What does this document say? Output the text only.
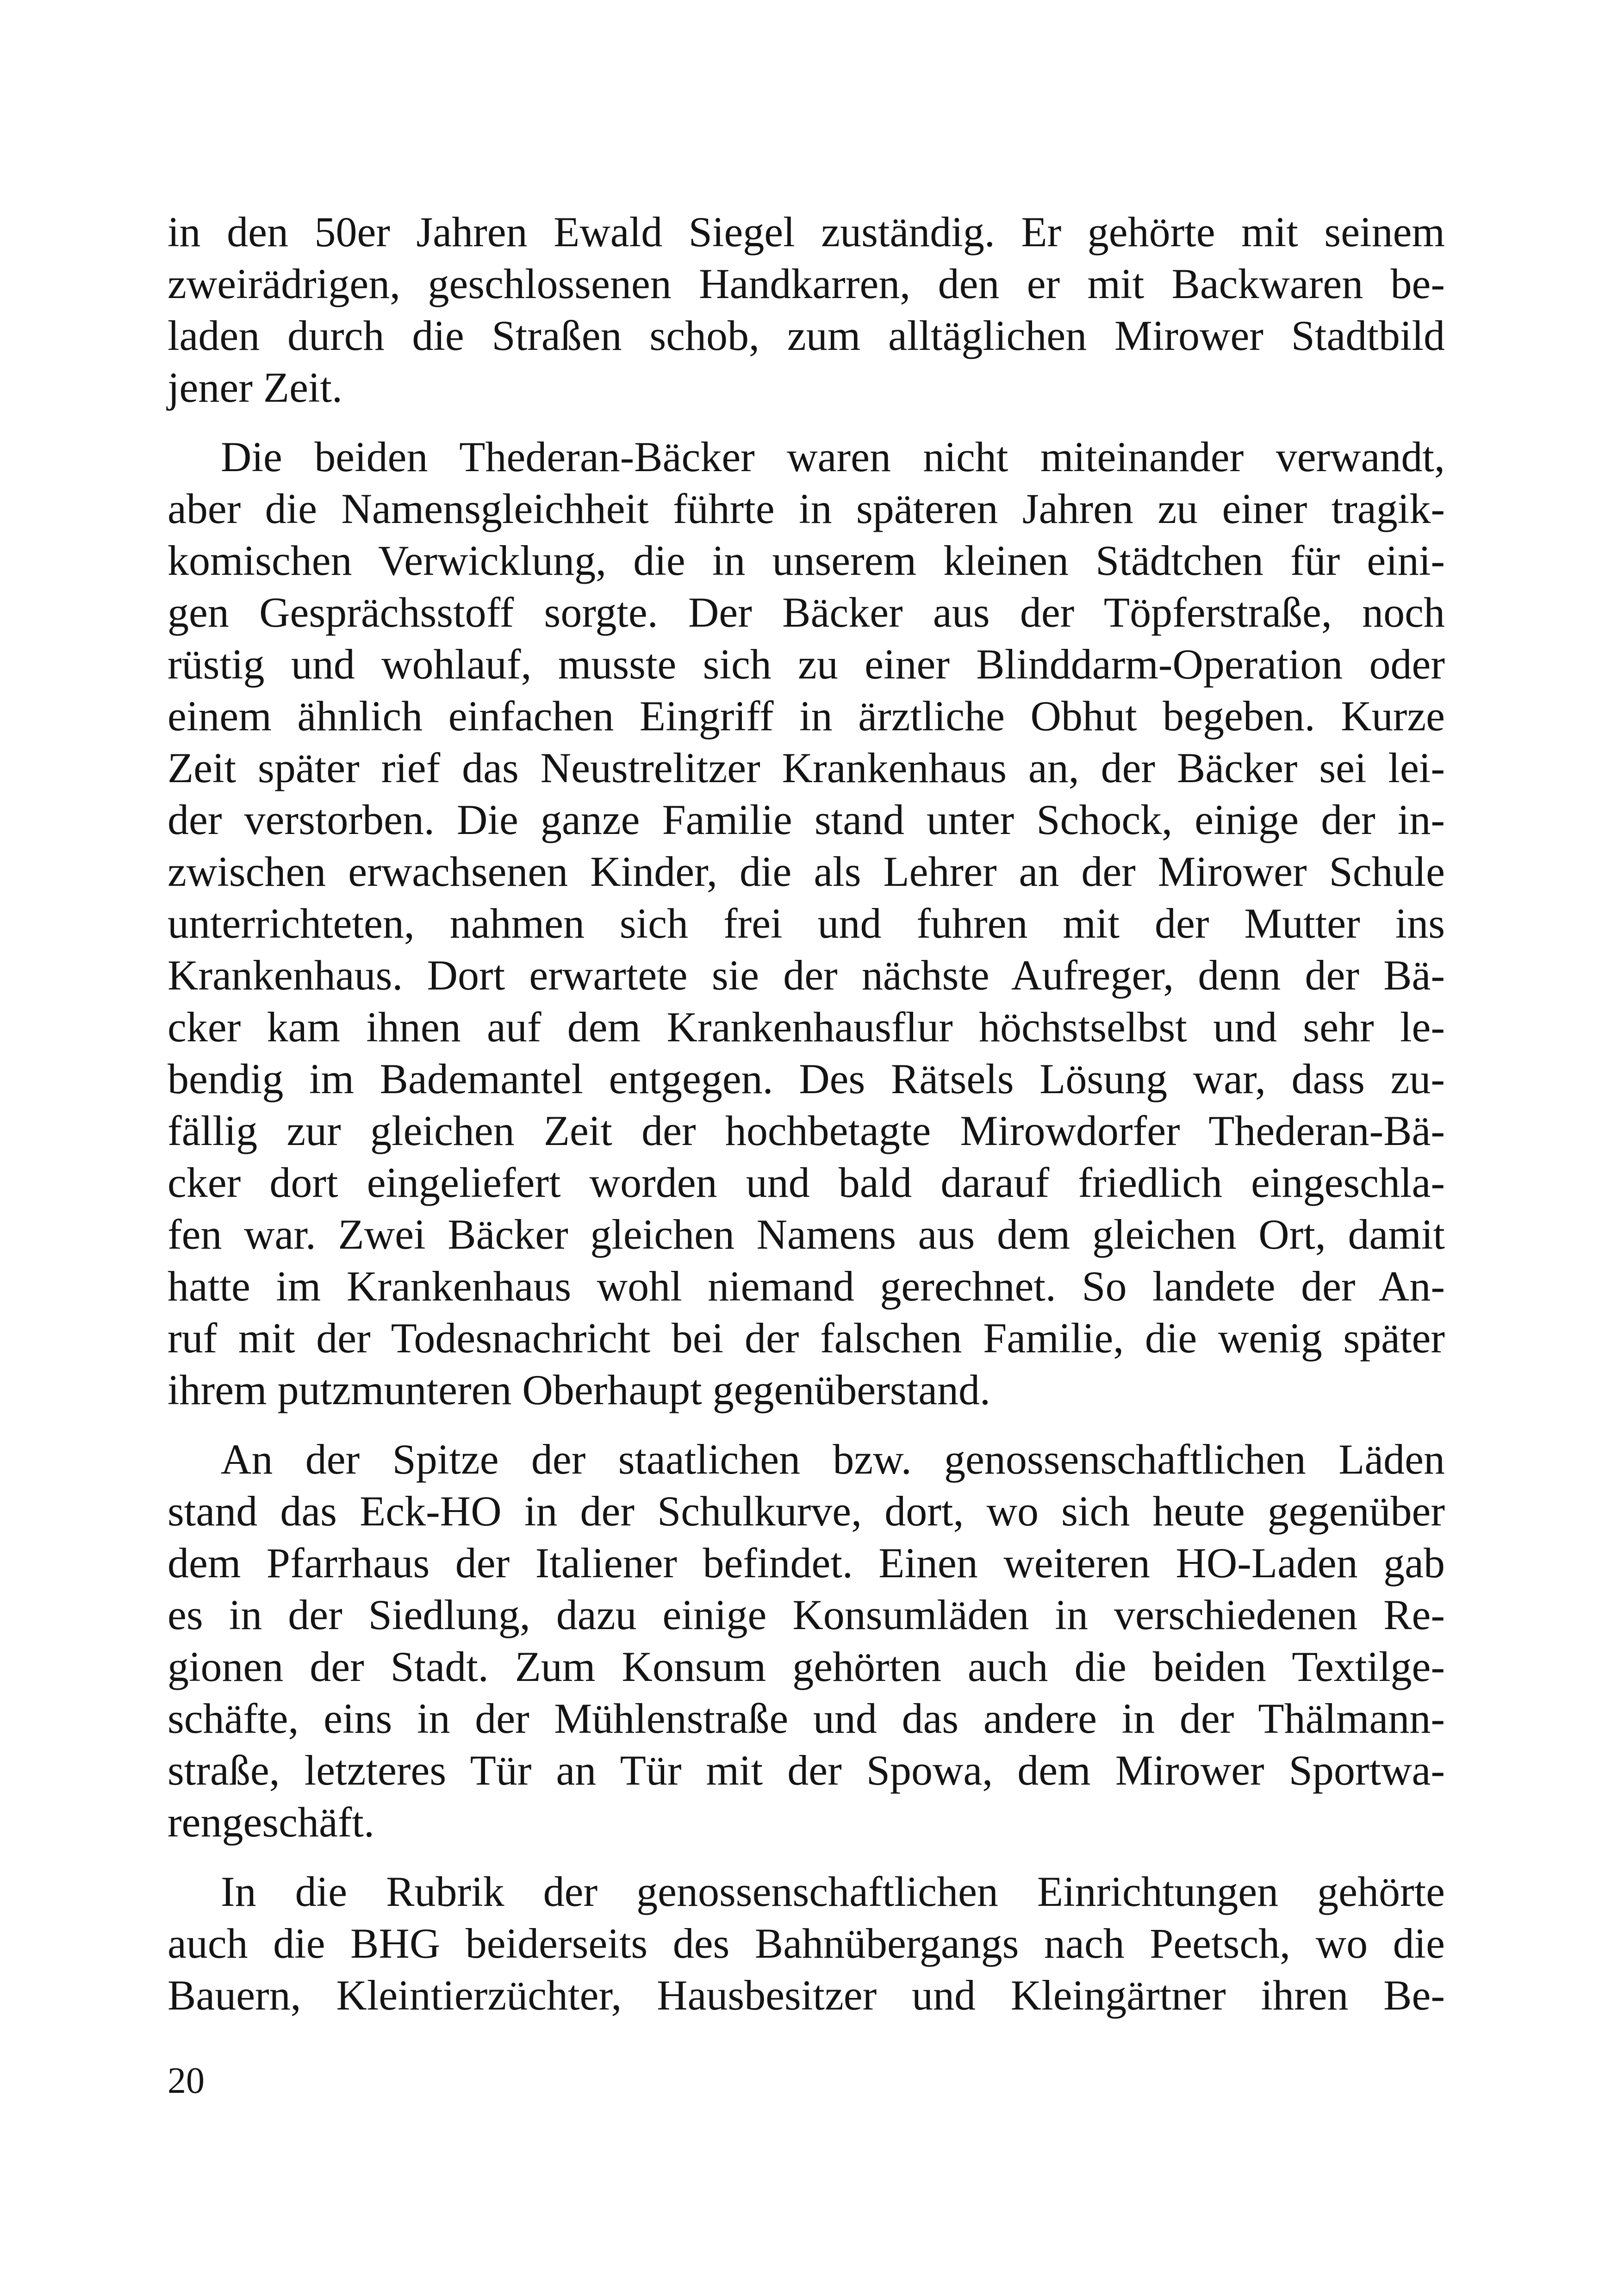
in den 50er Jahren Ewald Siegel zuständig. Er gehörte mit seinem
zweirädrigen, geschlossenen Handkarren, den er mit Backwaren be-
laden durch die Straßen schob, zum alltäglichen Mirower Stadtbild
jener Zeit.
Die beiden Thederan-Bäcker waren nicht miteinander verwandt,
aber die Namensgleichheit führte in späteren Jahren zu einer tragik-
komischen Verwicklung, die in unserem kleinen Städtchen für eini-
gen Gesprächsstoff sorgte. Der Bäcker aus der Töpferstraße, noch
rüstig und wohlauf, musste sich zu einer Blinddarm-Operation oder
einem ähnlich einfachen Eingriff in ärztliche Obhut begeben. Kurze
Zeit später rief das Neustrelitzer Krankenhaus an, der Bäcker sei lei-
der verstorben. Die ganze Familie stand unter Schock, einige der in-
zwischen erwachsenen Kinder, die als Lehrer an der Mirower Schule
unterrichteten, nahmen sich frei und fuhren mit der Mutter ins
Krankenhaus. Dort erwartete sie der nächste Aufreger, denn der Bä-
cker kam ihnen auf dem Krankenhausflur höchstselbst und sehr le-
bendig im Bademantel entgegen. Des Rätsels Lösung war, dass zu-
fällig zur gleichen Zeit der hochbetagte Mirowdorfer Thederan-Bä-
cker dort eingeliefert worden und bald darauf friedlich eingeschla-
fen war. Zwei Bäcker gleichen Namens aus dem gleichen Ort, damit
hatte im Krankenhaus wohl niemand gerechnet. So landete der An-
ruf mit der Todesnachricht bei der falschen Familie, die wenig später
ihrem putzmunteren Oberhaupt gegenüberstand.
An der Spitze der staatlichen bzw. genossenschaftlichen Läden
stand das Eck-HO in der Schulkurve, dort, wo sich heute gegenüber
dem Pfarrhaus der Italiener befindet. Einen weiteren HO-Laden gab
es in der Siedlung, dazu einige Konsumläden in verschiedenen Re-
gionen der Stadt. Zum Konsum gehörten auch die beiden Textilge-
schäfte, eins in der Mühlenstraße und das andere in der Thälmann-
straße, letzteres Tür an Tür mit der Spowa, dem Mirower Sportwa-
rengeschäft.
In die Rubrik der genossenschaftlichen Einrichtungen gehörte
auch die BHG beiderseits des Bahnübergangs nach Peetsch, wo die
Bauern, Kleintierzüchter, Hausbesitzer und Kleingärtner ihren Be-
20
